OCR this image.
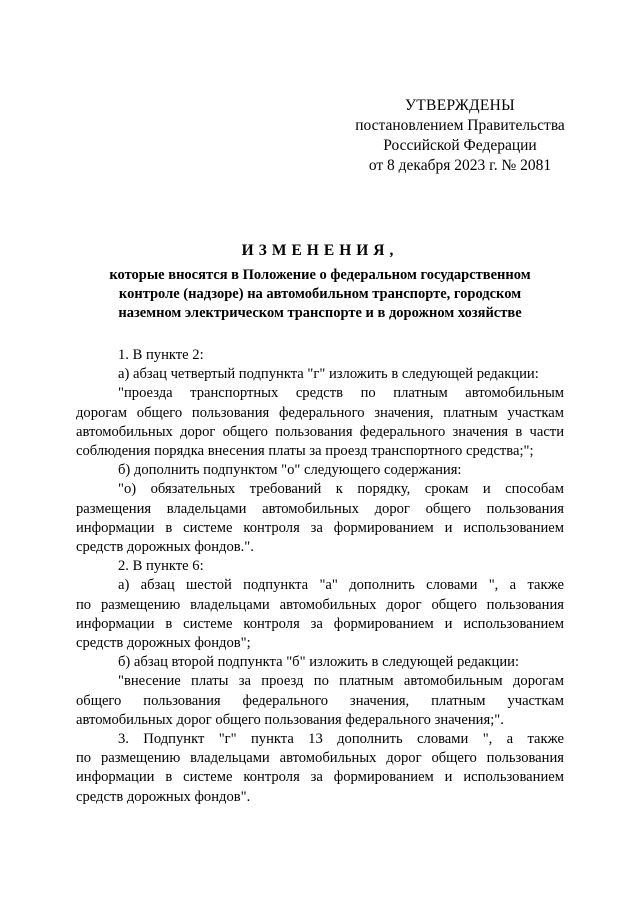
УТВЕРЖДЕНЫ
постановлением Правительства
Российской Федерации
от 8 декабря 2023 г. № 2081
ИЗМЕНЕНИЯ,
которые вносятся в Положение о федеральном государственном
контроле (надзоре) на автомобильном транспорте, городском
наземном электрическом транспорте и в дорожном хозяйстве
1. В пункте 2:
а) абзац четвертый подпункта "г" изложить в следующей редакции:
"проезда транспортных средств по платным автомобильным
дорогам общего пользования федерального значения, платным участкам
автомобильных дорог общего пользования федерального значения в части
соблюдения порядка внесения платы за проезд транспортного средства;";
б) дополнить подпунктом "о" следующего содержания:
"о) обязательных требований к порядку, срокам и способам
размещения владельцами автомобильных дорог общего пользования
информации в системе контроля за формированием и использованием
средств дорожных фондов.".
2. В пункте 6:
а) абзац шестой подпункта "а" дополнить словами ", а также
по размещению владельцами автомобильных дорог общего пользования
информации в системе контроля за формированием и использованием
средств дорожных фондов";
б) абзац второй подпункта "б" изложить в следующей редакции:
"внесение платы за проезд по платным автомобильным дорогам
общего пользования федерального значения, платным участкам
автомобильных дорог общего пользования федерального значения;".
3. Подпункт "г" пункта 13 дополнить словами ", а также
по размещению владельцами автомобильных дорог общего пользования
информации в системе контроля за формированием и использованием
средств дорожных фондов".
